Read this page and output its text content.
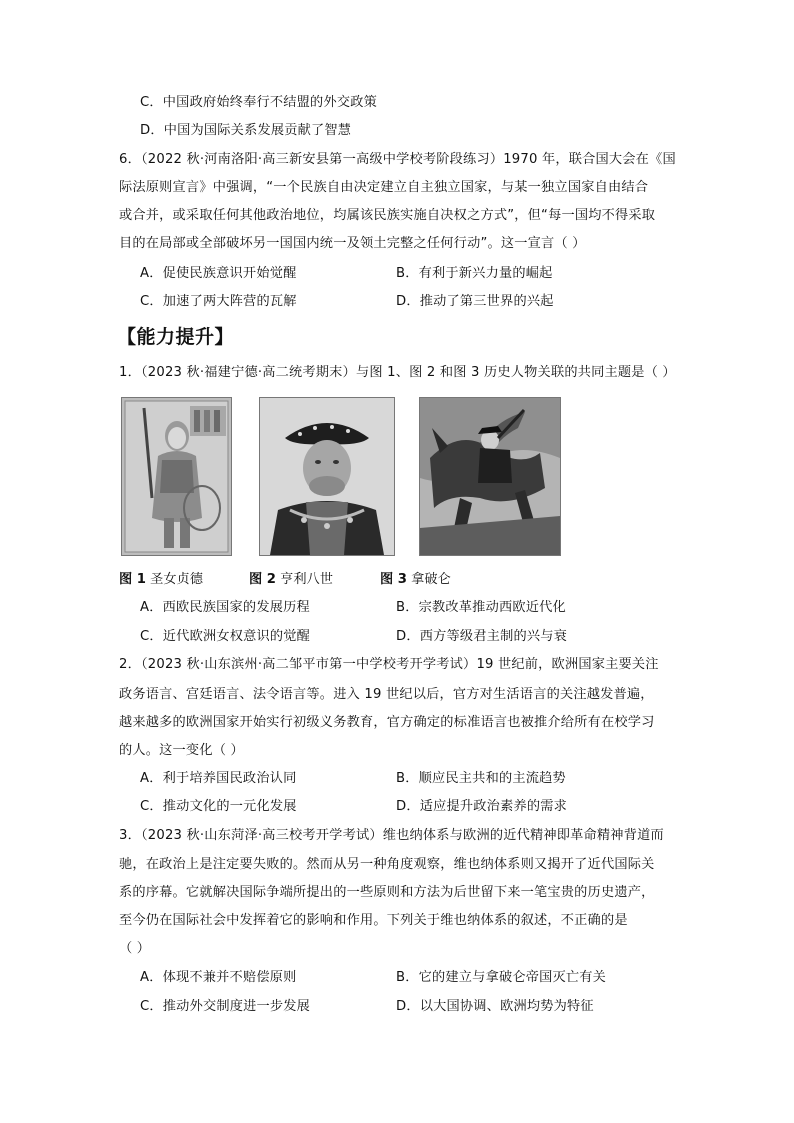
C．中国政府始终奉行不结盟的外交政策
D．中国为国际关系发展贡献了智慧
6．（2022 秋·河南洛阳·高三新安县第一高级中学校考阶段练习）1970 年，联合国大会在《国
际法原则宣言》中强调，“一个民族自由决定建立自主独立国家，与某一独立国家自由结合
或合并，或采取任何其他政治地位，均属该民族实施自决权之方式”，但“每一国均不得采取
目的在局部或全部破坏另一国国内统一及领土完整之任何行动”。这一宣言（ ）
A．促使民族意识开始觉醒	B．有利于新兴力量的崛起
C．加速了两大阵营的瓦解	D．推动了第三世界的兴起
【能力提升】
1．（2023 秋·福建宁德·高二统考期末）与图 1、图 2 和图 3 历史人物关联的共同主题是（ ）
图 1 圣女贞德	图 2 亨利八世	图 3 拿破仑
A．西欧民族国家的发展历程	B．宗教改革推动西欧近代化
C．近代欧洲女权意识的觉醒	D．西方等级君主制的兴与衰
2．（2023 秋·山东滨州·高二邹平市第一中学校考开学考试）19 世纪前，欧洲国家主要关注
政务语言、宫廷语言、法令语言等。进入 19 世纪以后，官方对生活语言的关注越发普遍，
越来越多的欧洲国家开始实行初级义务教育，官方确定的标准语言也被推介给所有在校学习
的人。这一变化（ ）
A．利于培养国民政治认同	B．顺应民主共和的主流趋势
C．推动文化的一元化发展	D．适应提升政治素养的需求
3．（2023 秋·山东菏泽·高三校考开学考试）维也纳体系与欧洲的近代精神即革命精神背道而
驰，在政治上是注定要失败的。然而从另一种角度观察，维也纳体系则又揭开了近代国际关
系的序幕。它就解决国际争端所提出的一些原则和方法为后世留下来一笔宝贵的历史遗产，
至今仍在国际社会中发挥着它的影响和作用。下列关于维也纳体系的叙述，不正确的是
（ ）
A．体现不兼并不赔偿原则	B．它的建立与拿破仑帝国灭亡有关
C．推动外交制度进一步发展	D．以大国协调、欧洲均势为特征
